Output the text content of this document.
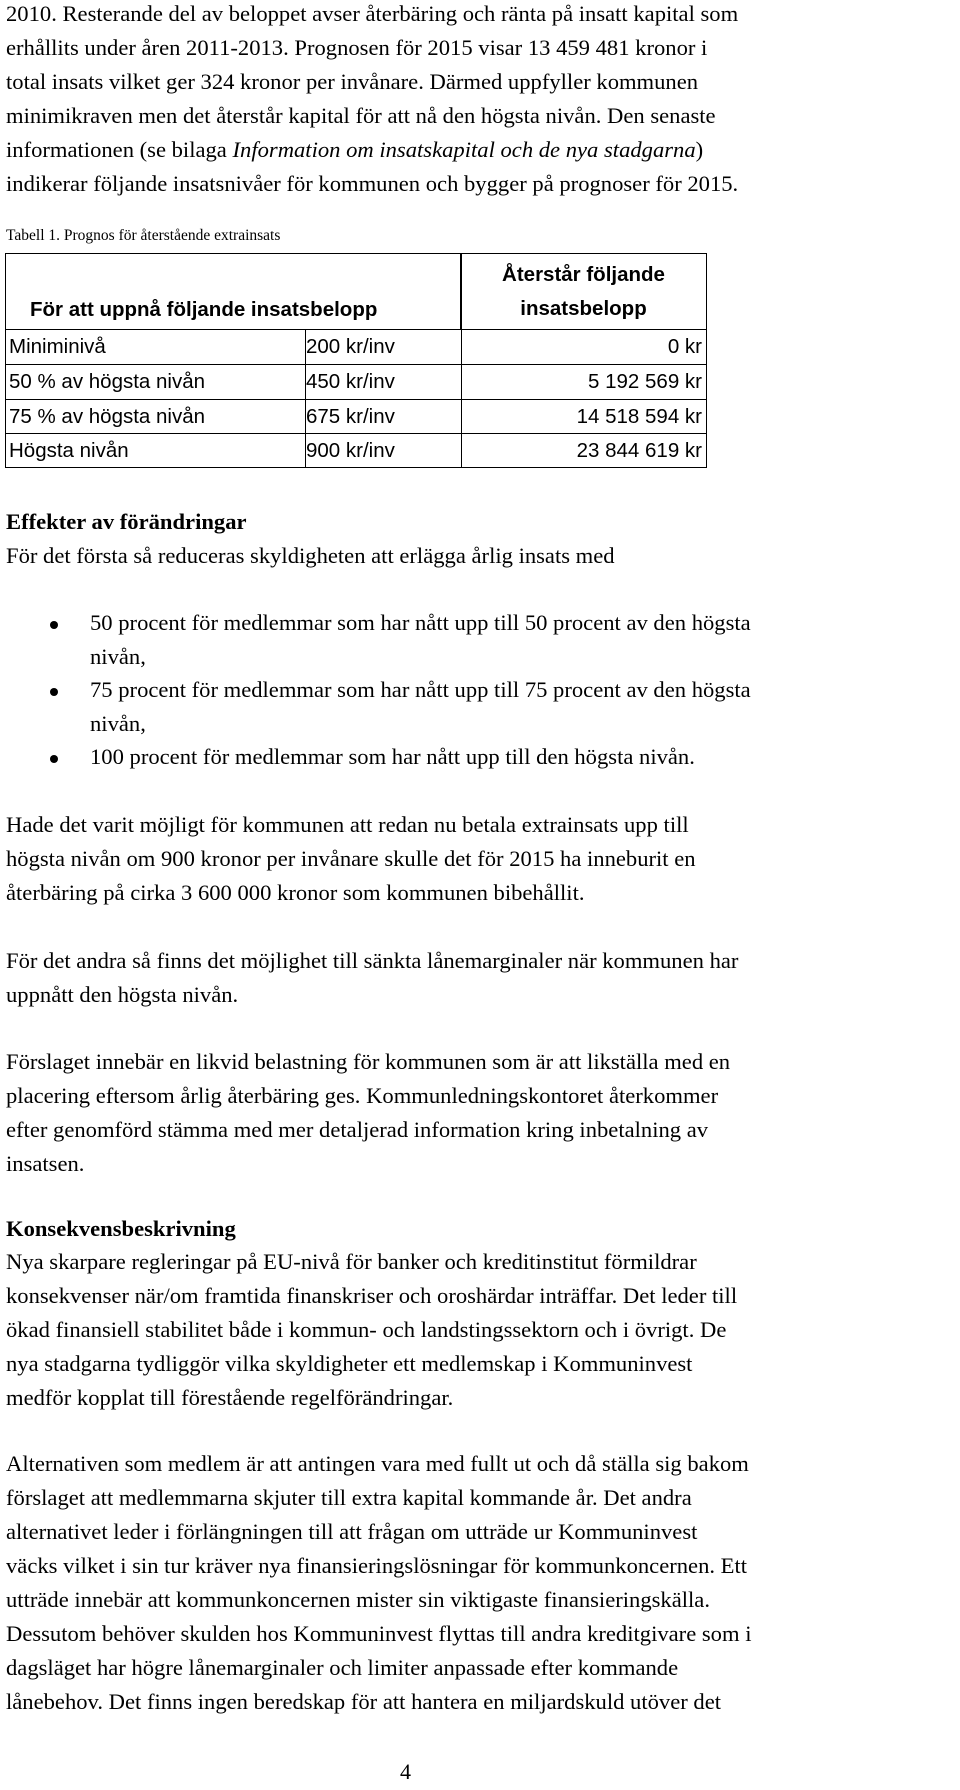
2010. Resterande del av beloppet avser återbäring och ränta på insatt kapital som
erhållits under åren 2011-2013. Prognosen för 2015 visar 13 459 481 kronor i
total insats vilket ger 324 kronor per invånare. Därmed uppfyller kommunen
minimikraven men det återstår kapital för att nå den högsta nivån. Den senaste
informationen (se bilaga Information om insatskapital och de nya stadgarna)
indikerar följande insatsnivåer för kommunen och bygger på prognoser för 2015.

Tabell 1. Prognos för återstående extrainsats
För att uppnå följande insatsbelopp
Återstår följande
insatsbelopp
Miniminivå	200 kr/inv	0 kr
50 % av högsta nivån	450 kr/inv	5 192 569 kr
75 % av högsta nivån	675 kr/inv	14 518 594 kr
Högsta nivån	900 kr/inv	23 844 619 kr
Effekter av förändringar

För det första så reduceras skyldigheten att erlägga årlig insats med

50 procent för medlemmar som har nått upp till 50 procent av den högsta
nivån,
75 procent för medlemmar som har nått upp till 75 procent av den högsta
nivån,
100 procent för medlemmar som har nått upp till den högsta nivån.

Hade det varit möjligt för kommunen att redan nu betala extrainsats upp till
högsta nivån om 900 kronor per invånare skulle det för 2015 ha inneburit en
återbäring på cirka 3 600 000 kronor som kommunen bibehållit.

För det andra så finns det möjlighet till sänkta lånemarginaler när kommunen har
uppnått den högsta nivån.

Förslaget innebär en likvid belastning för kommunen som är att likställa med en
placering eftersom årlig återbäring ges. Kommunledningskontoret återkommer
efter genomförd stämma med mer detaljerad information kring inbetalning av
insatsen.

Konsekvensbeskrivning

Nya skarpare regleringar på EU-nivå för banker och kreditinstitut förmildrar
konsekvenser när/om framtida finanskriser och oroshärdar inträffar. Det leder till
ökad finansiell stabilitet både i kommun- och landstingssektorn och i övrigt. De
nya stadgarna tydliggör vilka skyldigheter ett medlemskap i Kommuninvest
medför kopplat till förestående regelförändringar.

Alternativen som medlem är att antingen vara med fullt ut och då ställa sig bakom
förslaget att medlemmarna skjuter till extra kapital kommande år. Det andra
alternativet leder i förlängningen till att frågan om utträde ur Kommuninvest
väcks vilket i sin tur kräver nya finansieringslösningar för kommunkoncernen. Ett
utträde innebär att kommunkoncernen mister sin viktigaste finansieringskälla.
Dessutom behöver skulden hos Kommuninvest flyttas till andra kreditgivare som i
dagsläget har högre lånemarginaler och limiter anpassade efter kommande
lånebehov. Det finns ingen beredskap för att hantera en miljardskuld utöver det

4
